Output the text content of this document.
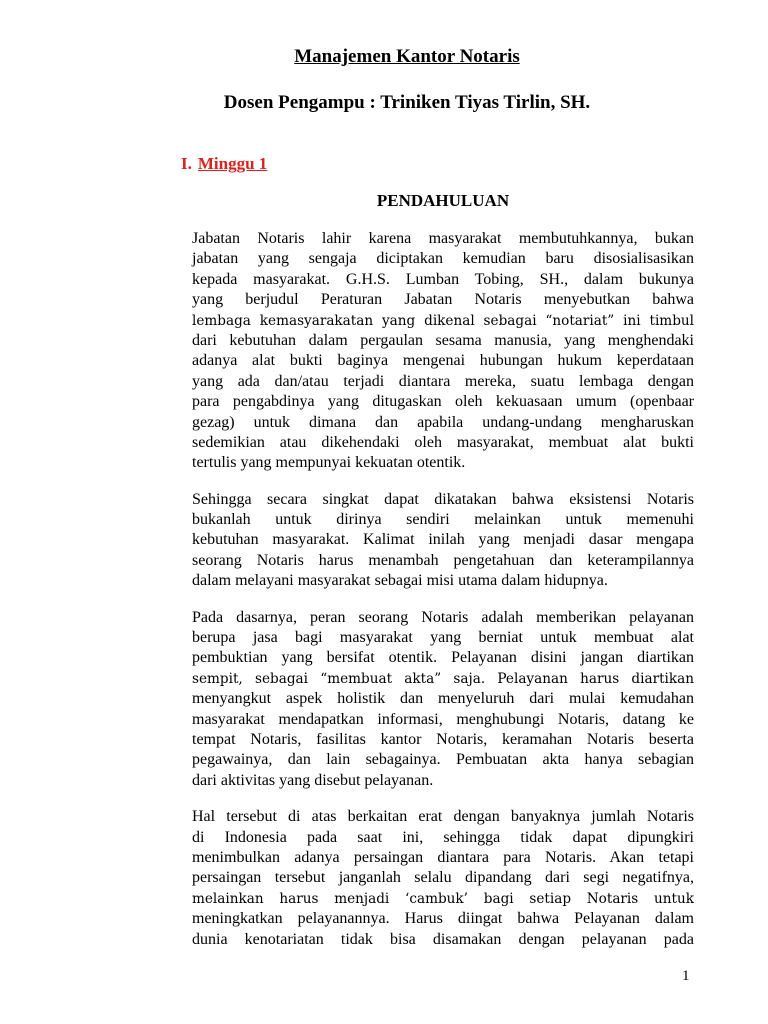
Manajemen Kantor Notaris
Dosen Pengampu : Triniken Tiyas Tirlin, SH.
I. Minggu 1
PENDAHULUAN
Jabatan Notaris lahir karena masyarakat membutuhkannya, bukan
jabatan yang sengaja diciptakan kemudian baru disosialisasikan
kepada masyarakat. G.H.S. Lumban Tobing, SH., dalam bukunya
yang berjudul Peraturan Jabatan Notaris menyebutkan bahwa
lembaga kemasyarakatan yang dikenal sebagai “notariat” ini timbul
dari kebutuhan dalam pergaulan sesama manusia, yang menghendaki
adanya alat bukti baginya mengenai hubungan hukum keperdataan
yang ada dan/atau terjadi diantara mereka, suatu lembaga dengan
para pengabdinya yang ditugaskan oleh kekuasaan umum (openbaar
gezag) untuk dimana dan apabila undang-undang mengharuskan
sedemikian atau dikehendaki oleh masyarakat, membuat alat bukti
tertulis yang mempunyai kekuatan otentik.
Sehingga secara singkat dapat dikatakan bahwa eksistensi Notaris
bukanlah untuk dirinya sendiri melainkan untuk memenuhi
kebutuhan masyarakat. Kalimat inilah yang menjadi dasar mengapa
seorang Notaris harus menambah pengetahuan dan keterampilannya
dalam melayani masyarakat sebagai misi utama dalam hidupnya.
Pada dasarnya, peran seorang Notaris adalah memberikan pelayanan
berupa jasa bagi masyarakat yang berniat untuk membuat alat
pembuktian yang bersifat otentik. Pelayanan disini jangan diartikan
sempit, sebagai “membuat akta” saja. Pelayanan harus diartikan
menyangkut aspek holistik dan menyeluruh dari mulai kemudahan
masyarakat mendapatkan informasi, menghubungi Notaris, datang ke
tempat Notaris, fasilitas kantor Notaris, keramahan Notaris beserta
pegawainya, dan lain sebagainya. Pembuatan akta hanya sebagian
dari aktivitas yang disebut pelayanan.
Hal tersebut di atas berkaitan erat dengan banyaknya jumlah Notaris
di Indonesia pada saat ini, sehingga tidak dapat dipungkiri
menimbulkan adanya persaingan diantara para Notaris. Akan tetapi
persaingan tersebut janganlah selalu dipandang dari segi negatifnya,
melainkan harus menjadi ‘cambuk’ bagi setiap Notaris untuk
meningkatkan pelayanannya. Harus diingat bahwa Pelayanan dalam
dunia kenotariatan tidak bisa disamakan dengan pelayanan pada
1
